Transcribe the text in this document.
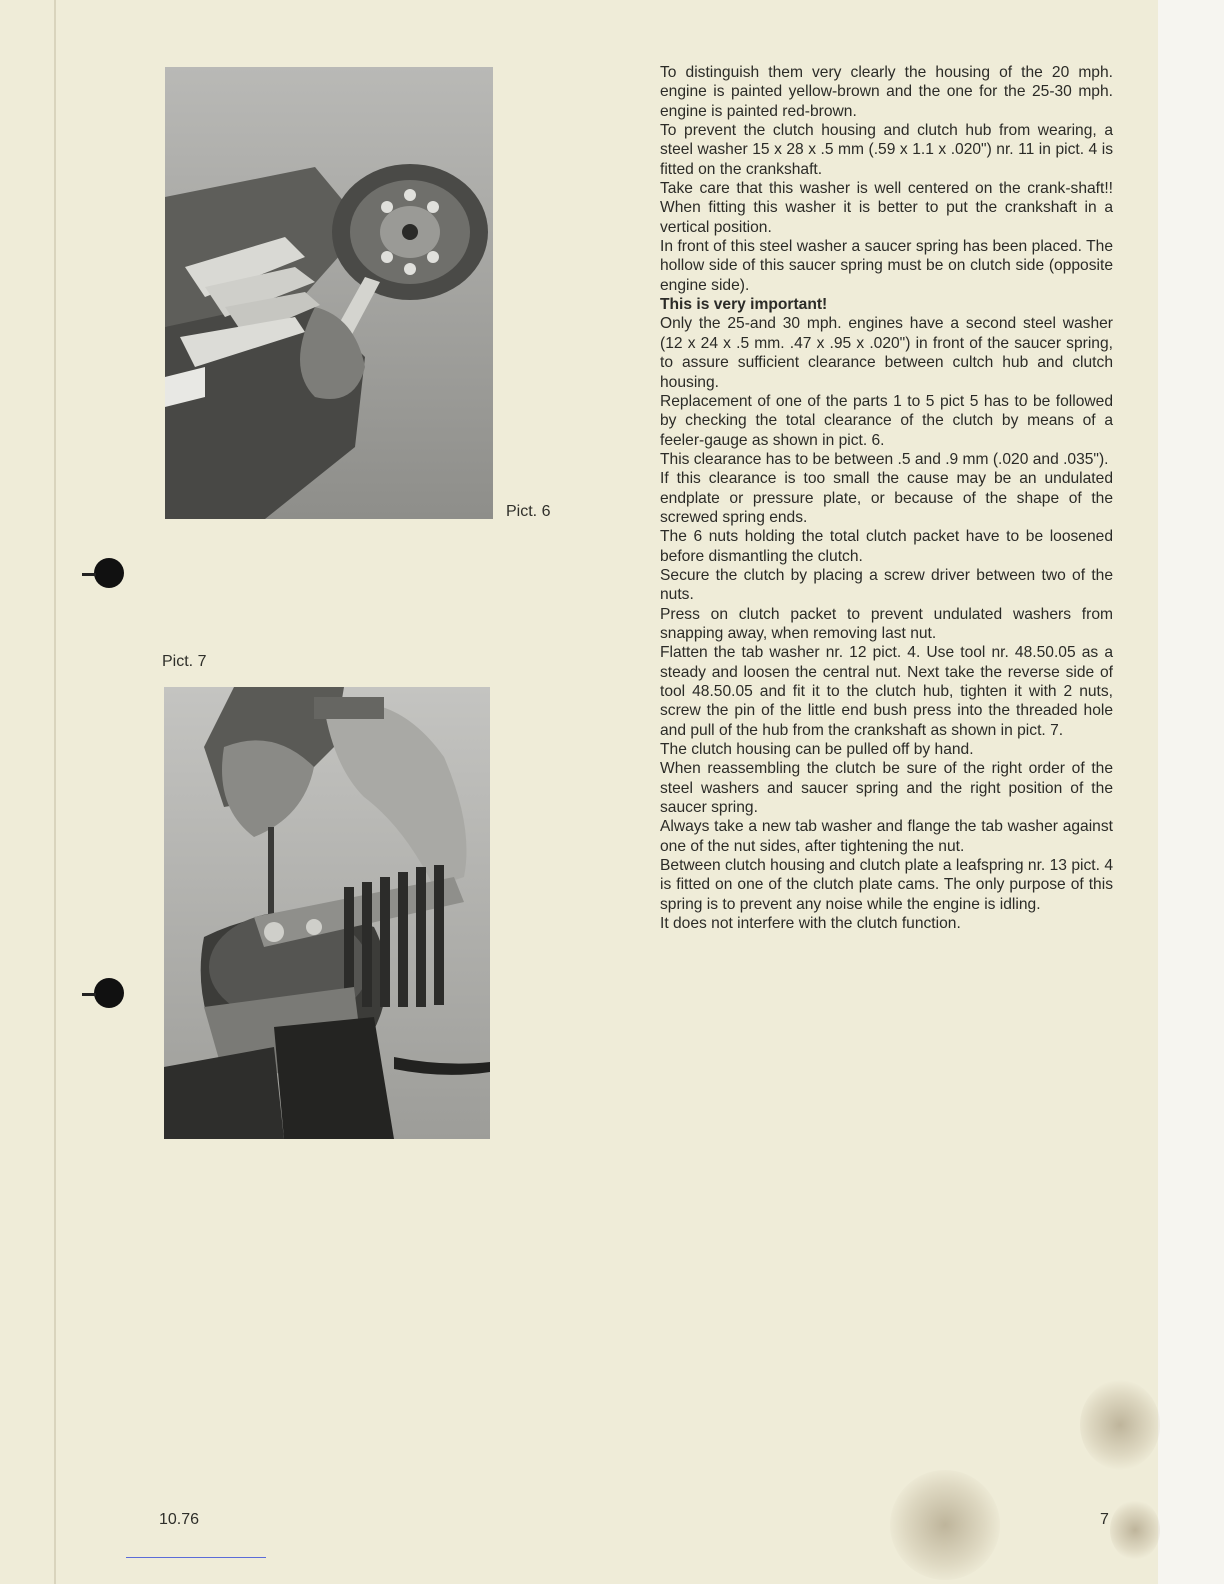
Pict. 6
Pict. 7

To distinguish them very clearly the housing of the 20 mph. engine is painted yellow-brown and the one for the 25-30 mph. engine is painted red-brown.

To prevent the clutch housing and clutch hub from wearing, a steel washer 15 x 28 x .5 mm (.59 x 1.1 x .020") nr. 11 in pict. 4 is fitted on the crankshaft.

Take care that this washer is well centered on the crank-shaft!! When fitting this washer it is better to put the crankshaft in a vertical position.

In front of this steel washer a saucer spring has been placed. The hollow side of this saucer spring must be on clutch side (opposite engine side).

This is very important!

Only the 25-and 30 mph. engines have a second steel washer (12 x 24 x .5 mm. .47 x .95 x .020") in front of the saucer spring, to assure sufficient clearance between cultch hub and clutch housing.

Replacement of one of the parts 1 to 5 pict 5 has to be followed by checking the total clearance of the clutch by means of a feeler-gauge as shown in pict. 6.

This clearance has to be between .5 and .9 mm (.020 and .035").

If this clearance is too small the cause may be an undulated endplate or pressure plate, or because of the shape of the screwed spring ends.

The 6 nuts holding the total clutch packet have to be loosened before dismantling the clutch.

Secure the clutch by placing a screw driver between two of the nuts.

Press on clutch packet to prevent undulated washers from snapping away, when removing last nut.

Flatten the tab washer nr. 12 pict. 4. Use tool nr. 48.50.05 as a steady and loosen the central nut. Next take the reverse side of tool 48.50.05 and fit it to the clutch hub, tighten it with 2 nuts, screw the pin of the little end bush press into the threaded hole and pull of the hub from the crankshaft as shown in pict. 7.

The clutch housing can be pulled off by hand.

When reassembling the clutch be sure of the right order of the steel washers and saucer spring and the right position of the saucer spring.

Always take a new tab washer and flange the tab washer against one of the nut sides, after tightening the nut.

Between clutch housing and clutch plate a leafspring nr. 13 pict. 4 is fitted on one of the clutch plate cams. The only purpose of this spring is to prevent any noise while the engine is idling.

It does not interfere with the clutch function.

10.76	7
